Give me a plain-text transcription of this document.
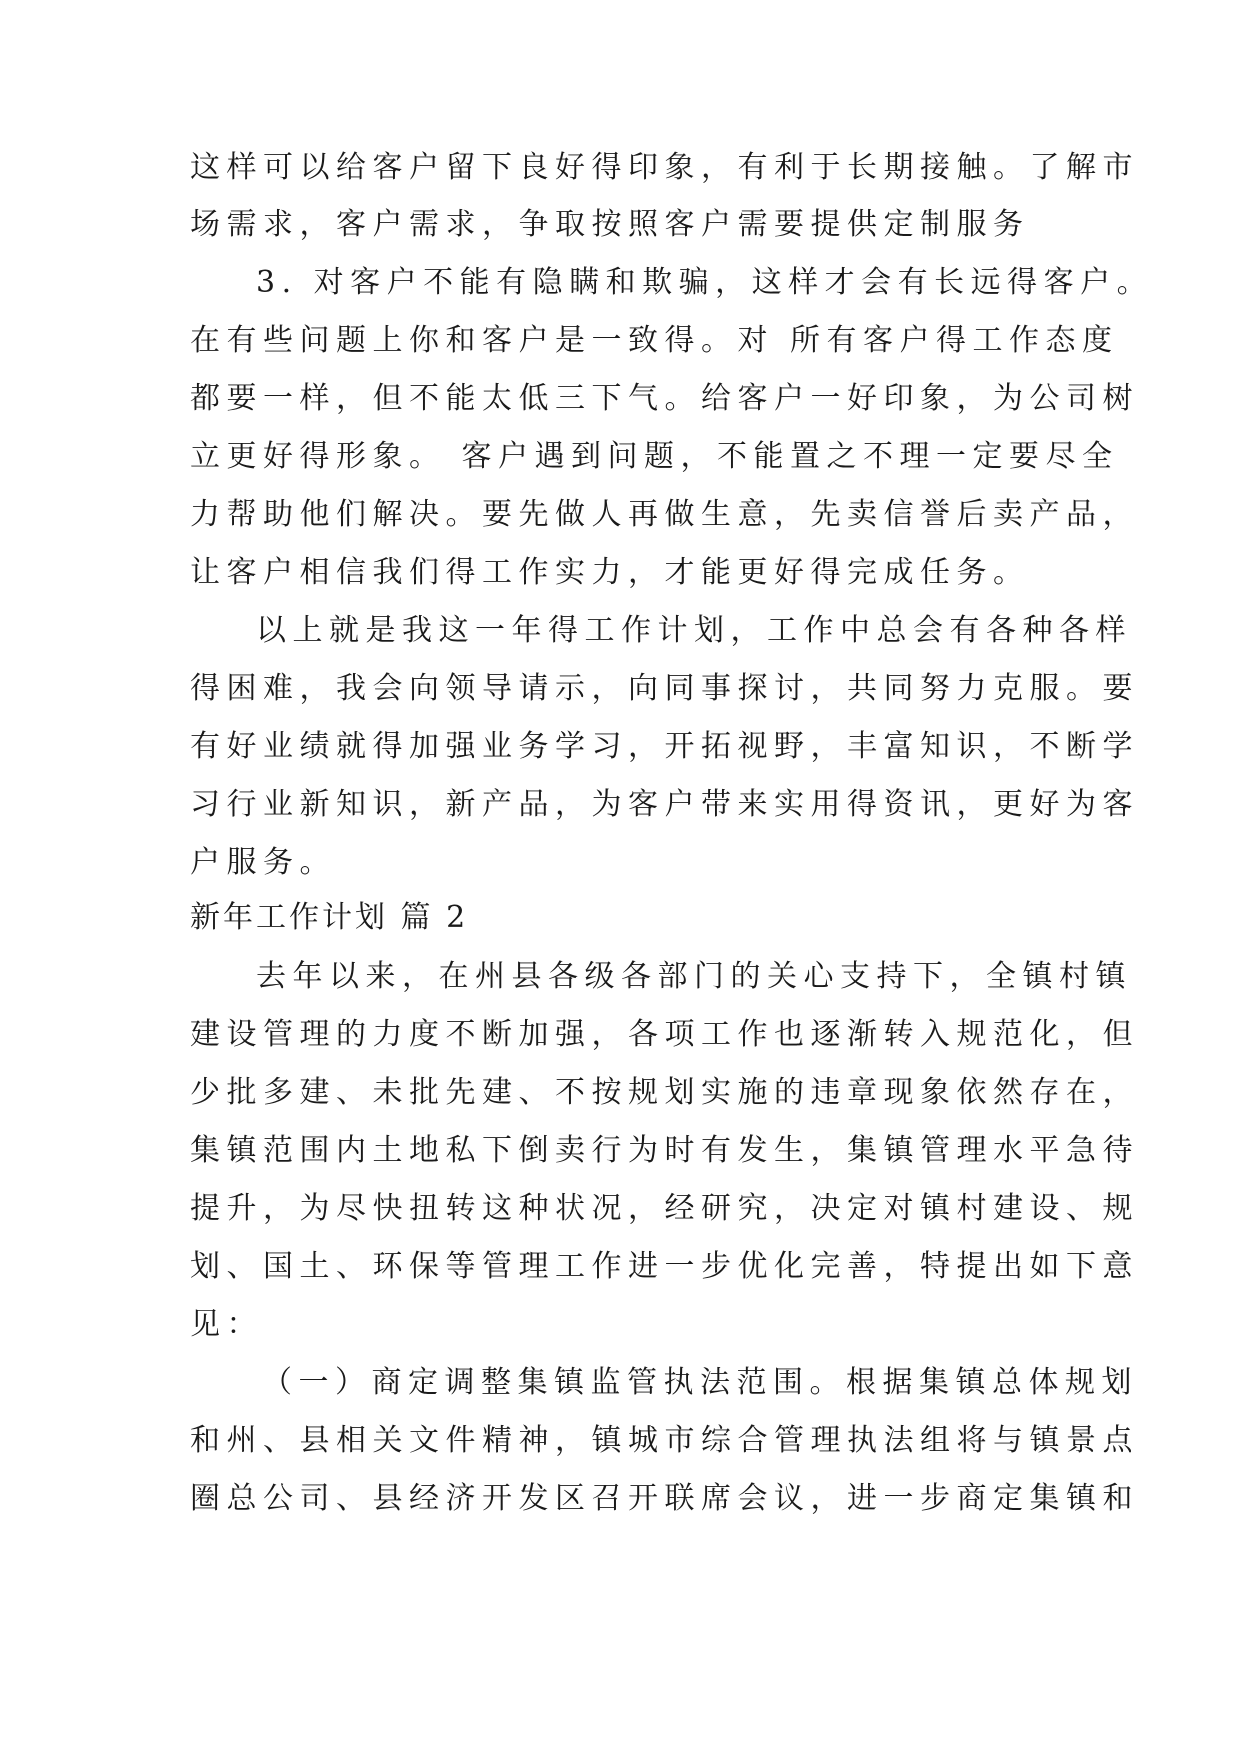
这样可以给客户留下良好得印象，有利于长期接触。了解市
场需求，客户需求，争取按照客户需要提供定制服务
3. 对客户不能有隐瞒和欺骗，这样才会有长远得客户。
在有些问题上你和客户是一致得。对 所有客户得工作态度
都要一样，但不能太低三下气。给客户一好印象，为公司树
立更好得形象。 客户遇到问题，不能置之不理一定要尽全
力帮助他们解决。要先做人再做生意，先卖信誉后卖产品，
让客户相信我们得工作实力，才能更好得完成任务。
以上就是我这一年得工作计划，工作中总会有各种各样
得困难，我会向领导请示，向同事探讨，共同努力克服。要
有好业绩就得加强业务学习，开拓视野，丰富知识，不断学
习行业新知识，新产品，为客户带来实用得资讯，更好为客
户服务。
新年工作计划 篇 2
去年以来，在州县各级各部门的关心支持下，全镇村镇
建设管理的力度不断加强，各项工作也逐渐转入规范化，但
少批多建、未批先建、不按规划实施的违章现象依然存在，
集镇范围内土地私下倒卖行为时有发生，集镇管理水平急待
提升，为尽快扭转这种状况，经研究，决定对镇村建设、规
划、国土、环保等管理工作进一步优化完善，特提出如下意
见：
（一）商定调整集镇监管执法范围。根据集镇总体规划
和州、县相关文件精神，镇城市综合管理执法组将与镇景点
圈总公司、县经济开发区召开联席会议，进一步商定集镇和
